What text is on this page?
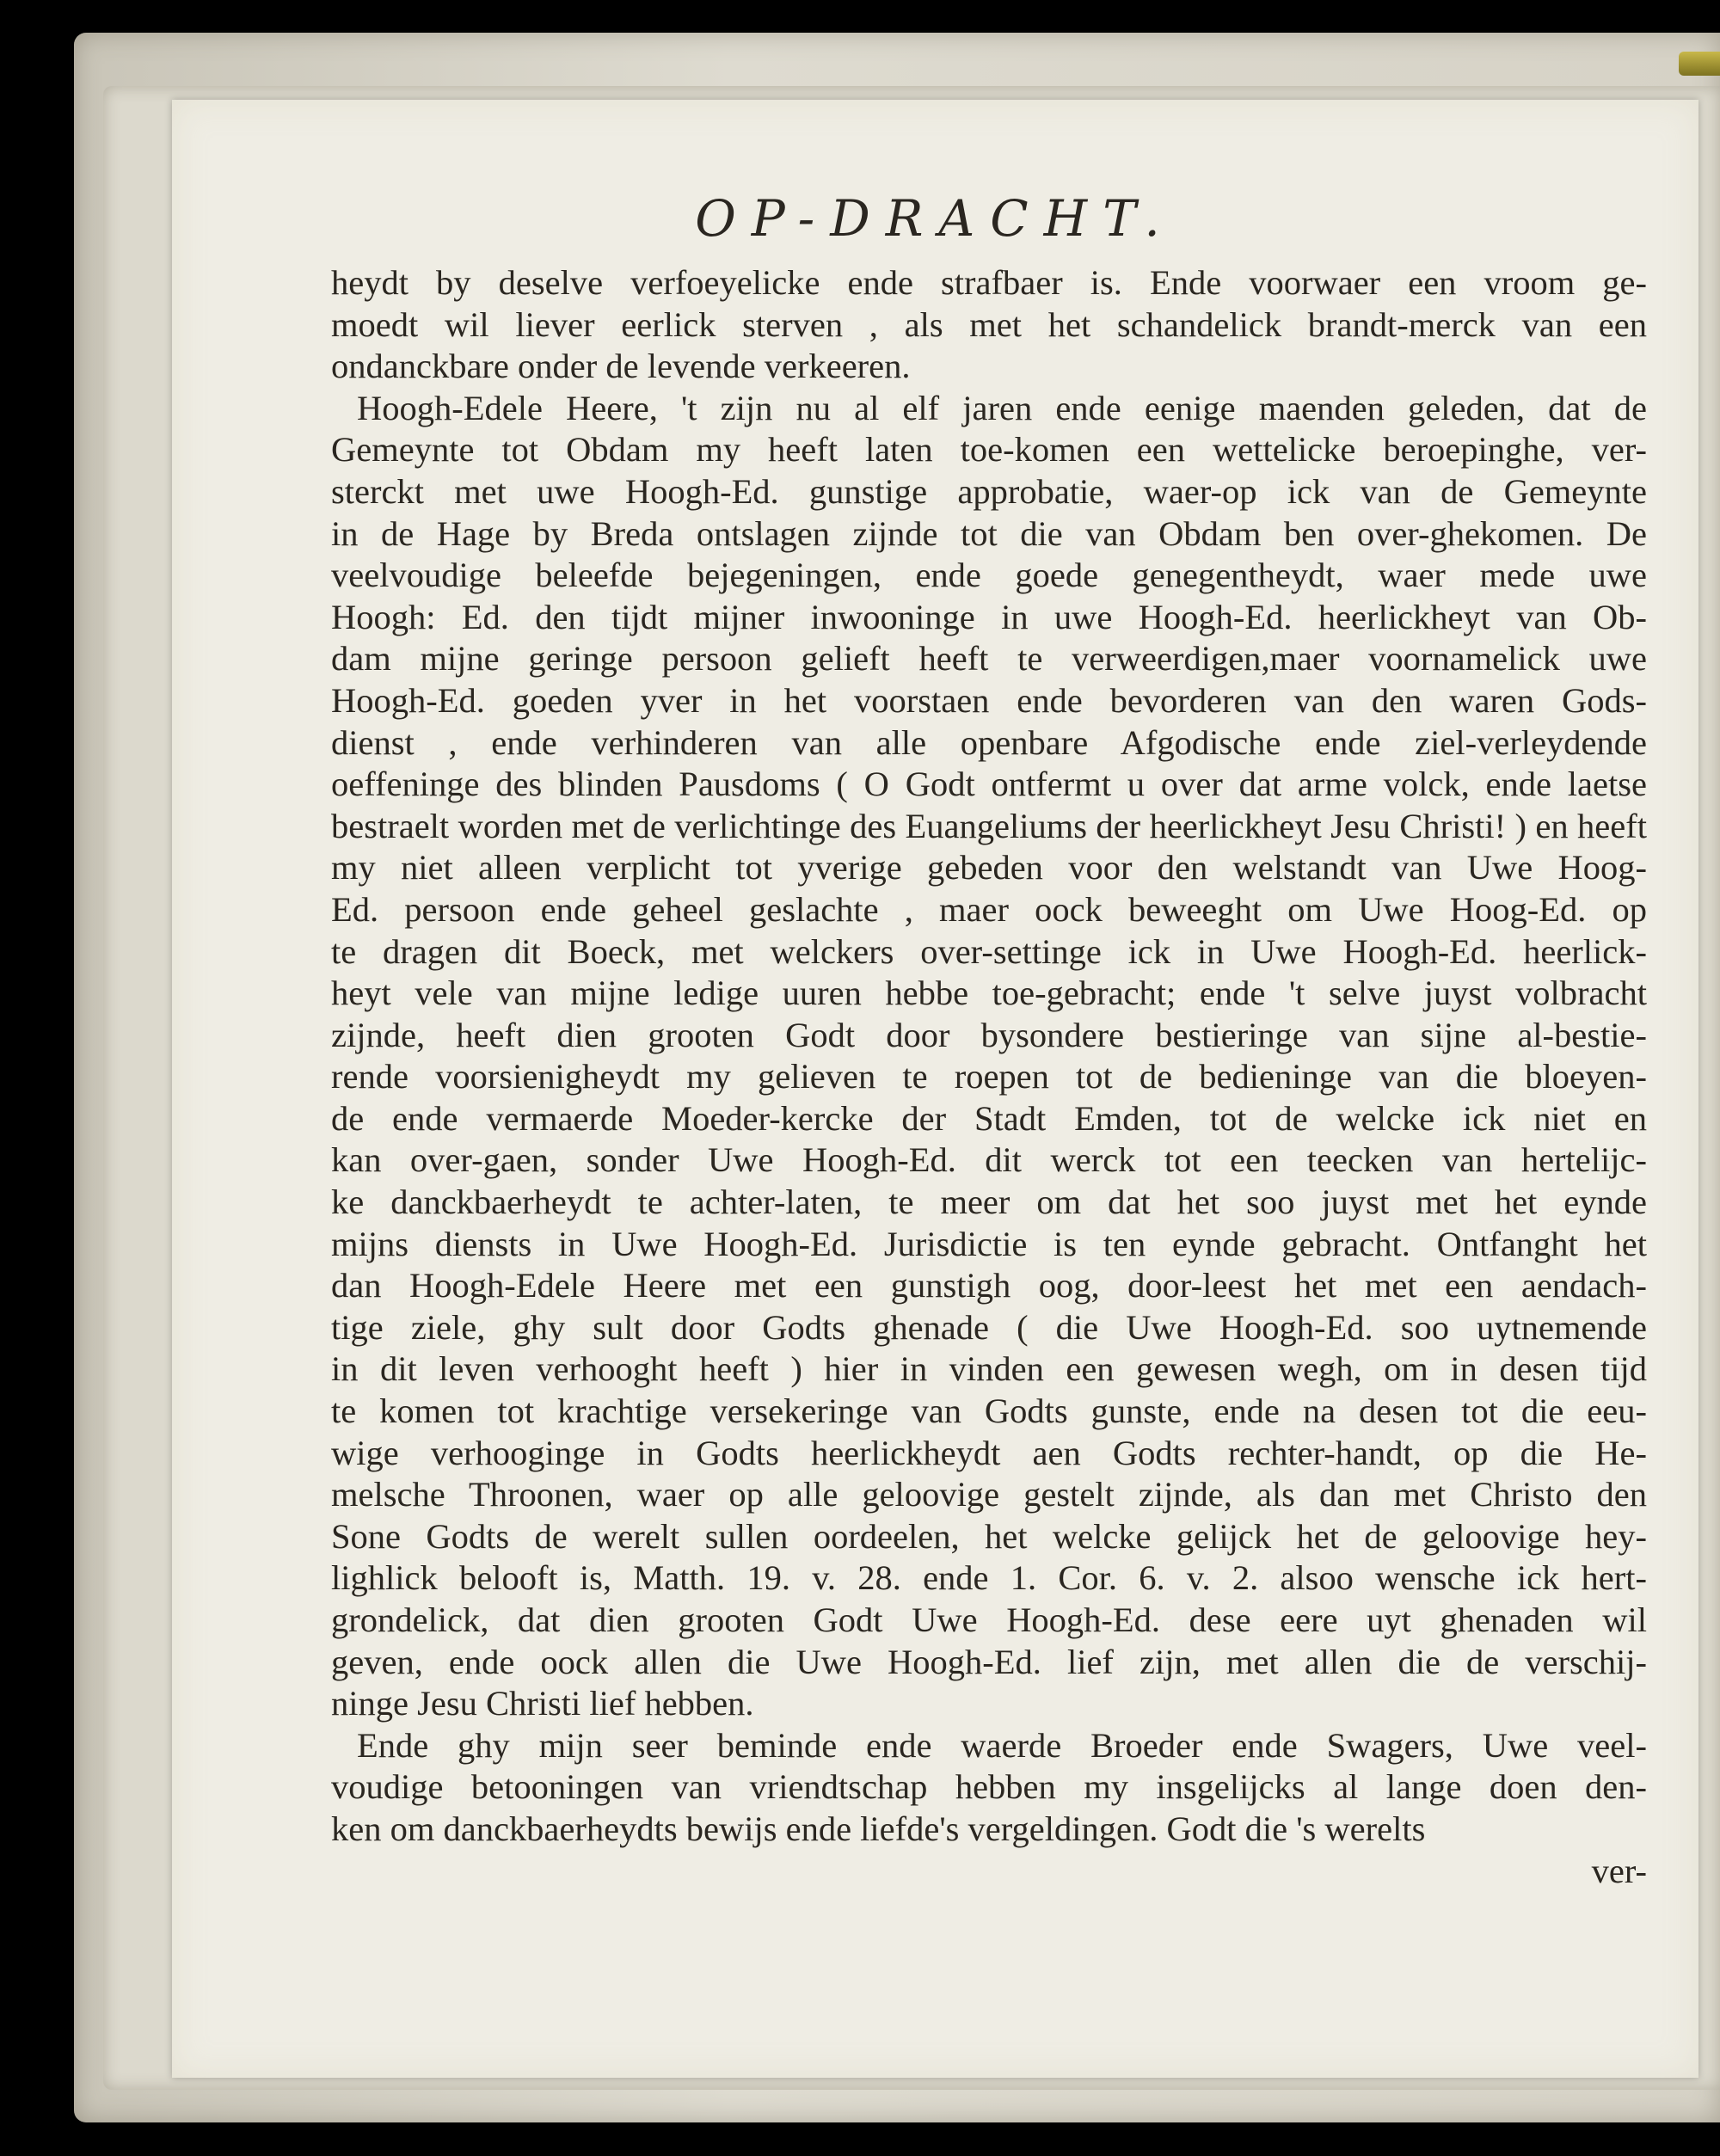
OP-DRACHT.
heydt by deselve verfoeyelicke ende strafbaer is. Ende voorwaer een vroom ge-
moedt wil liever eerlick sterven , als met het schandelick brandt-merck van een
ondanckbare onder de levende verkeeren.
Hoogh-Edele Heere, 't zijn nu al elf jaren ende eenige maenden geleden, dat de
Gemeynte tot Obdam my heeft laten toe-komen een wettelicke beroepinghe, ver-
sterckt met uwe Hoogh-Ed. gunstige approbatie, waer-op ick van de Gemeynte
in de Hage by Breda ontslagen zijnde tot die van Obdam ben over-ghekomen. De
veelvoudige beleefde bejegeningen, ende goede genegentheydt, waer mede uwe
Hoogh: Ed. den tijdt mijner inwooninge in uwe Hoogh-Ed. heerlickheyt van Ob-
dam mijne geringe persoon gelieft heeft te verweerdigen,maer voornamelick uwe
Hoogh-Ed. goeden yver in het voorstaen ende bevorderen van den waren Gods-
dienst , ende verhinderen van alle openbare Afgodische ende ziel-verleydende
oeffeninge des blinden Pausdoms ( O Godt ontfermt u over dat arme volck, ende laetse
bestraelt worden met de verlichtinge des Euangeliums der heerlickheyt Jesu Christi! ) en heeft
my niet alleen verplicht tot yverige gebeden voor den welstandt van Uwe Hoog-
Ed. persoon ende geheel geslachte , maer oock beweeght om Uwe Hoog-Ed. op
te dragen dit Boeck, met welckers over-settinge ick in Uwe Hoogh-Ed. heerlick-
heyt vele van mijne ledige uuren hebbe toe-gebracht; ende 't selve juyst volbracht
zijnde, heeft dien grooten Godt door bysondere bestieringe van sijne al-bestie-
rende voorsienigheydt my gelieven te roepen tot de bedieninge van die bloeyen-
de ende vermaerde Moeder-kercke der Stadt Emden, tot de welcke ick niet en
kan over-gaen, sonder Uwe Hoogh-Ed. dit werck tot een teecken van hertelijc-
ke danckbaerheydt te achter-laten, te meer om dat het soo juyst met het eynde
mijns diensts in Uwe Hoogh-Ed. Jurisdictie is ten eynde gebracht. Ontfanght het
dan Hoogh-Edele Heere met een gunstigh oog, door-leest het met een aendach-
tige ziele, ghy sult door Godts ghenade ( die Uwe Hoogh-Ed. soo uytnemende
in dit leven verhooght heeft ) hier in vinden een gewesen wegh, om in desen tijd
te komen tot krachtige versekeringe van Godts gunste, ende na desen tot die eeu-
wige verhooginge in Godts heerlickheydt aen Godts rechter-handt, op die He-
melsche Throonen, waer op alle geloovige gestelt zijnde, als dan met Christo den
Sone Godts de werelt sullen oordeelen, het welcke gelijck het de geloovige hey-
lighlick belooft is, Matth. 19. v. 28. ende 1. Cor. 6. v. 2. alsoo wensche ick hert-
grondelick, dat dien grooten Godt Uwe Hoogh-Ed. dese eere uyt ghenaden wil
geven, ende oock allen die Uwe Hoogh-Ed. lief zijn, met allen die de verschij-
ninge Jesu Christi lief hebben.
Ende ghy mijn seer beminde ende waerde Broeder ende Swagers, Uwe veel-
voudige betooningen van vriendtschap hebben my insgelijcks al lange doen den-
ken om danckbaerheydts bewijs ende liefde's vergeldingen. Godt die 's werelts
ver-
